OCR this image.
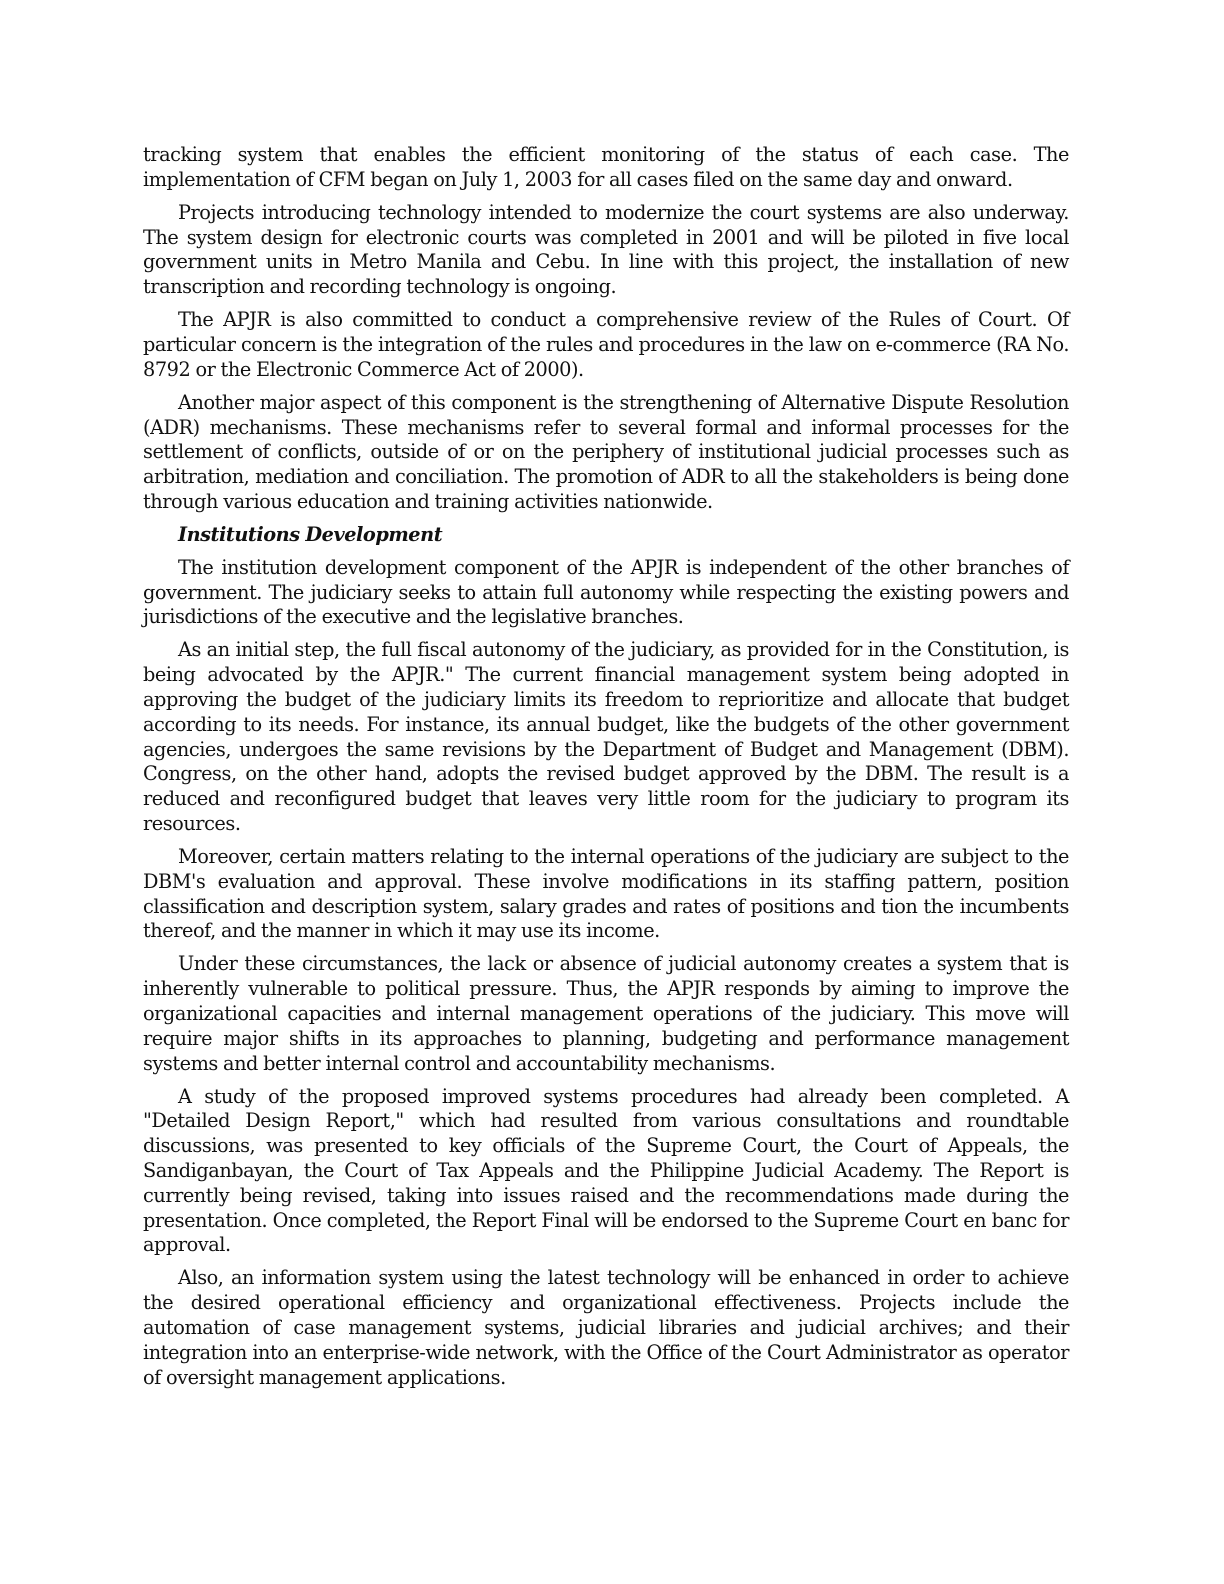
tracking system that enables the efficient monitoring of the status of each case. The implementation of CFM began on July 1, 2003 for all cases filed on the same day and onward.

Projects introducing technology intended to modernize the court systems are also underway. The system design for electronic courts was completed in 2001 and will be piloted in five local government units in Metro Manila and Cebu. In line with this project, the installation of new transcription and recording technology is ongoing.

The APJR is also committed to conduct a comprehensive review of the Rules of Court. Of particular concern is the integration of the rules and procedures in the law on e-commerce (RA No. 8792 or the Electronic Commerce Act of 2000).

Another major aspect of this component is the strengthening of Alternative Dispute Resolution (ADR) mechanisms. These mechanisms refer to several formal and informal processes for the settlement of conflicts, outside of or on the periphery of institutional judicial processes such as arbitration, mediation and conciliation. The promotion of ADR to all the stakeholders is being done through various education and training activities nationwide.

Institutions Development

The institution development component of the APJR is independent of the other branches of government. The judiciary seeks to attain full autonomy while respecting the existing powers and jurisdictions of the executive and the legislative branches.

As an initial step, the full fiscal autonomy of the judiciary, as provided for in the Constitution, is being advocated by the APJR." The current financial management system being adopted in approving the budget of the judiciary limits its freedom to reprioritize and allocate that budget according to its needs. For instance, its annual budget, like the budgets of the other government agencies, undergoes the same revisions by the Department of Budget and Management (DBM). Congress, on the other hand, adopts the revised budget approved by the DBM. The result is a reduced and reconfigured budget that leaves very little room for the judiciary to program its resources.

Moreover, certain matters relating to the internal operations of the judiciary are subject to the DBM's evaluation and approval. These involve modifications in its staffing pattern, position classification and description system, salary grades and rates of positions and tion the incumbents thereof, and the manner in which it may use its income.

Under these circumstances, the lack or absence of judicial autonomy creates a system that is inherently vulnerable to political pressure. Thus, the APJR responds by aiming to improve the organizational capacities and internal management operations of the judiciary. This move will require major shifts in its approaches to planning, budgeting and performance management systems and better internal control and accountability mechanisms.

A study of the proposed improved systems procedures had already been completed. A "Detailed Design Report," which had resulted from various consultations and roundtable discussions, was presented to key officials of the Supreme Court, the Court of Appeals, the Sandiganbayan, the Court of Tax Appeals and the Philippine Judicial Academy. The Report is currently being revised, taking into issues raised and the recommendations made during the presentation. Once completed, the Report Final will be endorsed to the Supreme Court en banc for approval.

Also, an information system using the latest technology will be enhanced in order to achieve the desired operational efficiency and organizational effectiveness. Projects include the automation of case management systems, judicial libraries and judicial archives; and their integration into an enterprise-wide network, with the Office of the Court Administrator as operator of oversight management applications.
